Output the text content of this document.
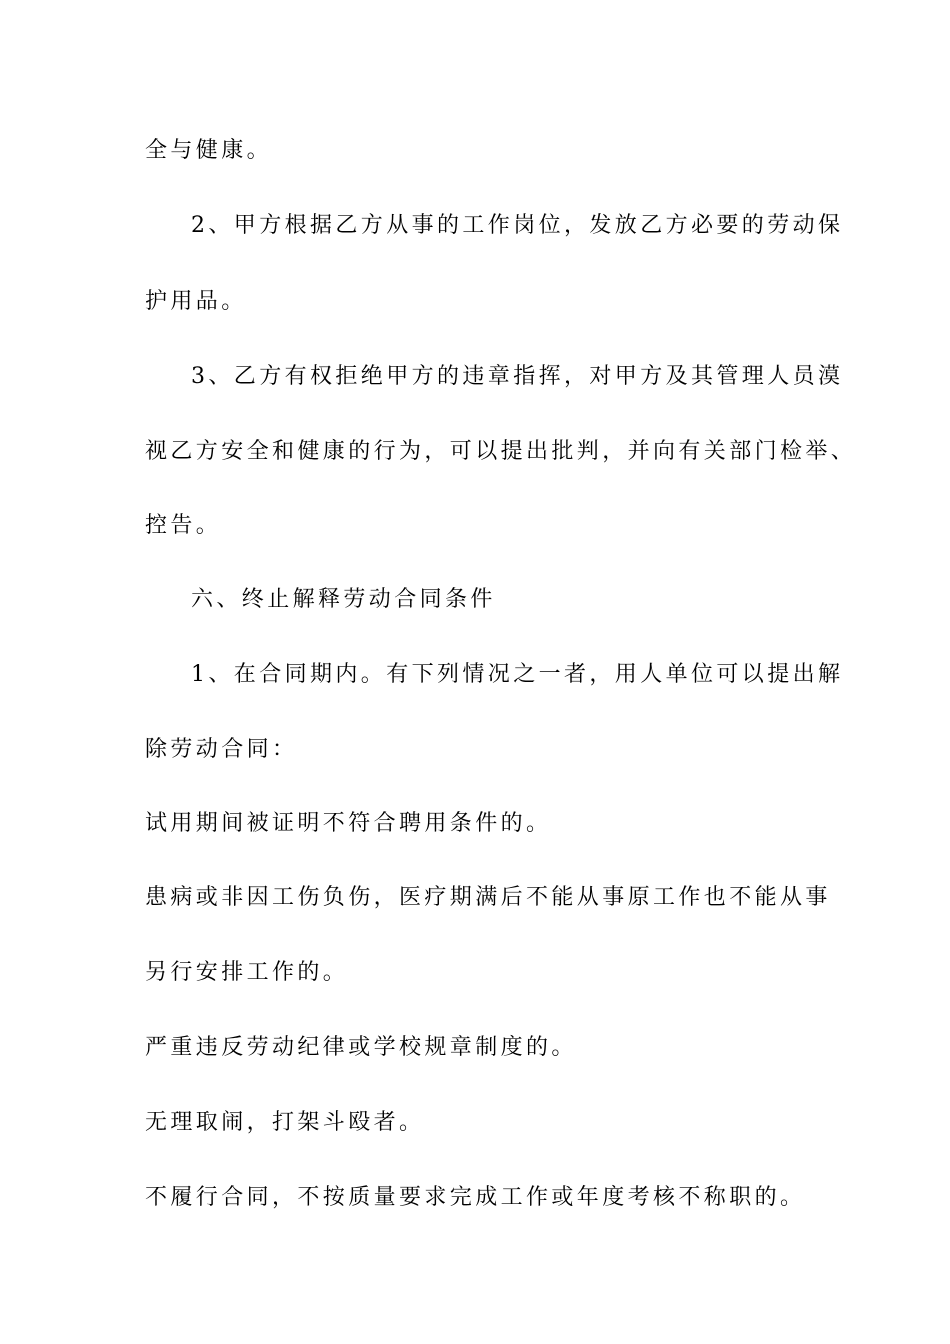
全与健康。
2、甲方根据乙方从事的工作岗位，发放乙方必要的劳动保
护用品。
3、乙方有权拒绝甲方的违章指挥，对甲方及其管理人员漠
视乙方安全和健康的行为，可以提出批判，并向有关部门检举、
控告。
六、终止解释劳动合同条件
1、在合同期内。有下列情况之一者，用人单位可以提出解
除劳动合同：
试用期间被证明不符合聘用条件的。
患病或非因工伤负伤，医疗期满后不能从事原工作也不能从事
另行安排工作的。
严重违反劳动纪律或学校规章制度的。
无理取闹，打架斗殴者。
不履行合同，不按质量要求完成工作或年度考核不称职的。
